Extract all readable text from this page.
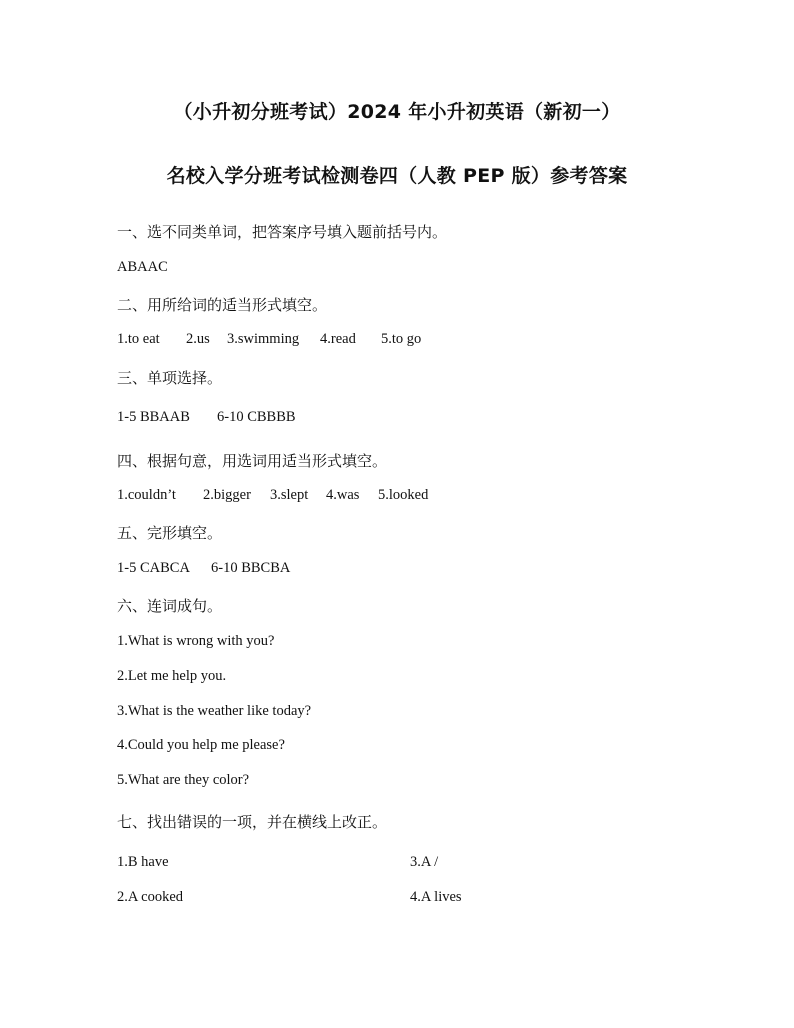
（小升初分班考试）2024 年小升初英语（新初一）
名校入学分班考试检测卷四（人教 PEP 版）参考答案
一、选不同类单词，把答案序号填入题前括号内。
ABAAC
二、用所给词的适当形式填空。
1.to eat 2.us 3.swimming 4.read 5.to go
三、单项选择。
1-5 BBAAB 6-10 CBBBB
四、根据句意，用选词用适当形式填空。
1.couldn’t 2.bigger 3.slept 4.was 5.looked
五、完形填空。
1-5 CABCA 6-10 BBCBA
六、连词成句。
1.What is wrong with you?
2.Let me help you.
3.What is the weather like today?
4.Could you help me please?
5.What are they color?
七、找出错误的一项，并在横线上改正。
1.B have	3.A /
2.A cooked	4.A lives
